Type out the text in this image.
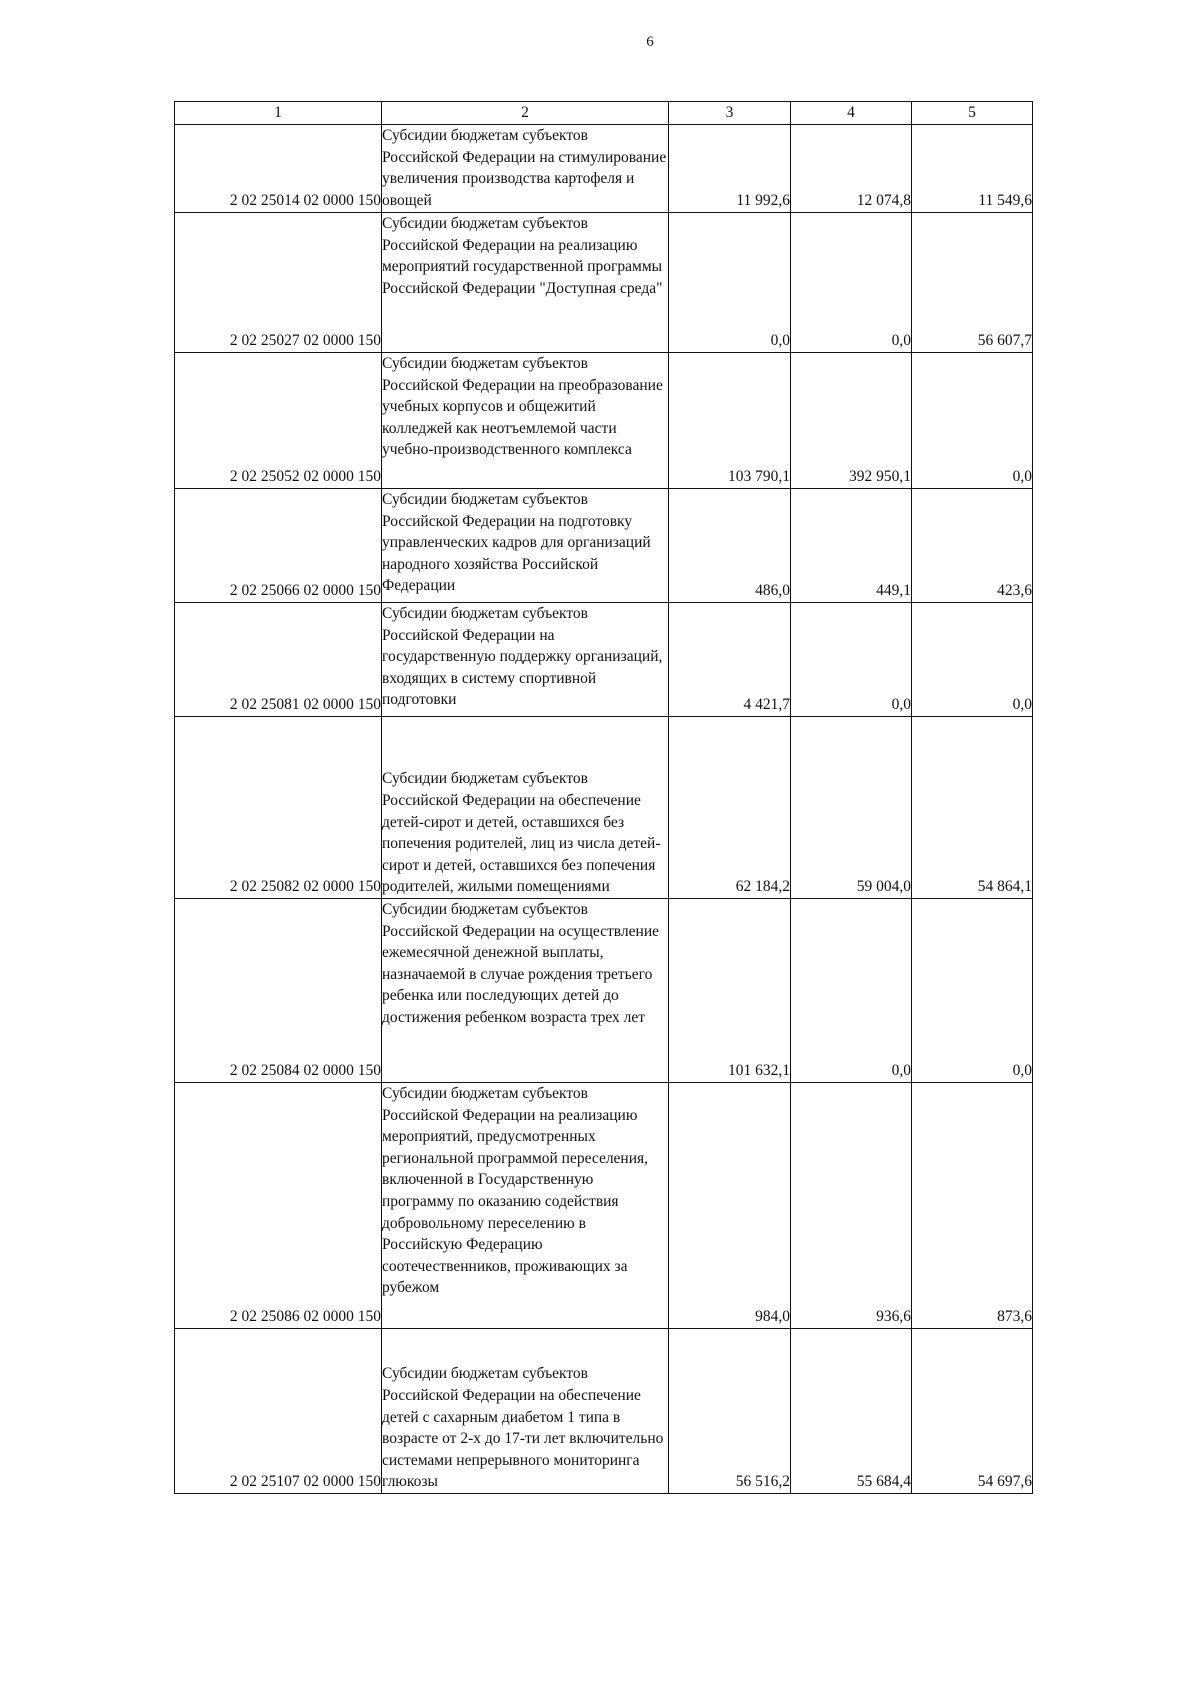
6
1	2	3	4	5
2 02 25014 02 0000 150	Субсидии бюджетам субъектов Российской Федерации на стимулирование увеличения производства картофеля и овощей	11 992,6	12 074,8	11 549,6
2 02 25027 02 0000 150	Субсидии бюджетам субъектов Российской Федерации на реализацию мероприятий государственной программы Российской Федерации "Доступная среда"	0,0	0,0	56 607,7
2 02 25052 02 0000 150	Субсидии бюджетам субъектов Российской Федерации на преобразование учебных корпусов и общежитий колледжей как неотъемлемой части учебно-производственного комплекса	103 790,1	392 950,1	0,0
2 02 25066 02 0000 150	Субсидии бюджетам субъектов Российской Федерации на подготовку управленческих кадров для организаций народного хозяйства Российской Федерации	486,0	449,1	423,6
2 02 25081 02 0000 150	Субсидии бюджетам субъектов Российской Федерации на государственную поддержку организаций, входящих в систему спортивной подготовки	4 421,7	0,0	0,0
2 02 25082 02 0000 150	Субсидии бюджетам субъектов Российской Федерации на обеспечение детей-сирот и детей, оставшихся без попечения родителей, лиц из числа детей-сирот и детей, оставшихся без попечения родителей, жилыми помещениями	62 184,2	59 004,0	54 864,1
2 02 25084 02 0000 150	Субсидии бюджетам субъектов Российской Федерации на осуществление ежемесячной денежной выплаты, назначаемой в случае рождения третьего ребенка или последующих детей до достижения ребенком возраста трех лет	101 632,1	0,0	0,0
2 02 25086 02 0000 150	Субсидии бюджетам субъектов Российской Федерации на реализацию мероприятий, предусмотренных региональной программой переселения, включенной в Государственную программу по оказанию содействия добровольному переселению в Российскую Федерацию соотечественников, проживающих за рубежом	984,0	936,6	873,6
2 02 25107 02 0000 150	Субсидии бюджетам субъектов Российской Федерации на обеспечение детей с сахарным диабетом 1 типа в возрасте от 2-х до 17-ти лет включительно системами непрерывного мониторинга глюкозы	56 516,2	55 684,4	54 697,6
